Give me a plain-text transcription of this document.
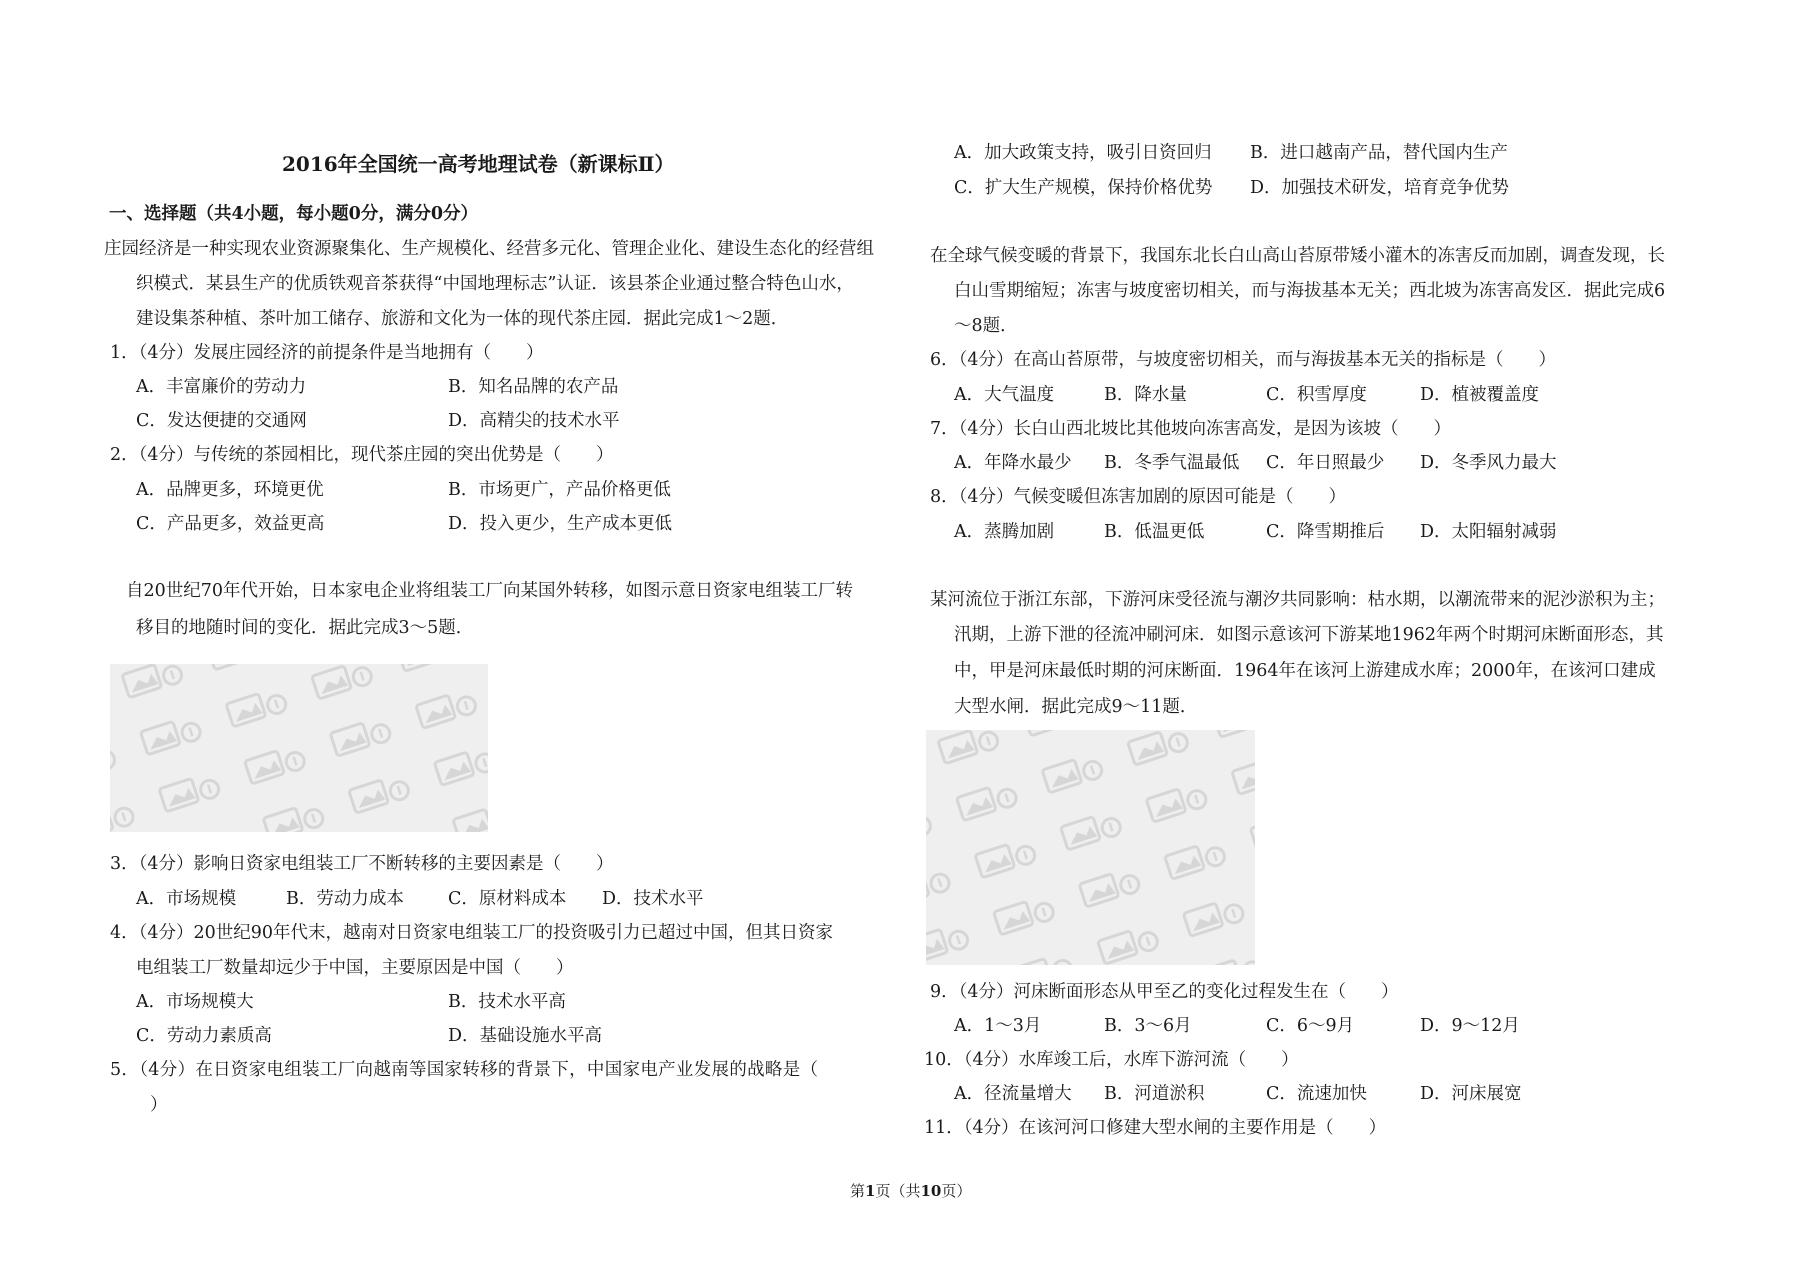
2016年全国统一高考地理试卷（新课标Ⅱ）
一、选择题（共4小题，每小题0分，满分0分）
庄园经济是一种实现农业资源聚集化、生产规模化、经营多元化、管理企业化、建设生态化的经营组
织模式．某县生产的优质铁观音茶获得“中国地理标志”认证．该县茶企业通过整合特色山水，
建设集茶种植、茶叶加工储存、旅游和文化为一体的现代茶庄园．据此完成1～2题．
1．（4分）发展庄园经济的前提条件是当地拥有（　　）
A．丰富廉价的劳动力	B．知名品牌的农产品
C．发达便捷的交通网	D．高精尖的技术水平
2．（4分）与传统的茶园相比，现代茶庄园的突出优势是（　　）
A．品牌更多，环境更优	B．市场更广，产品价格更低
C．产品更多，效益更高	D．投入更少，生产成本更低
自20世纪70年代开始，日本家电企业将组装工厂向某国外转移，如图示意日资家电组装工厂转
移目的地随时间的变化．据此完成3～5题．
3．（4分）影响日资家电组装工厂不断转移的主要因素是（　　）
A．市场规模	B．劳动力成本	C．原材料成本 D．技术水平
4．（4分）20世纪90年代末，越南对日资家电组装工厂的投资吸引力已超过中国，但其日资家
电组装工厂数量却远少于中国，主要原因是中国（　　）
A．市场规模大	B．技术水平高
C．劳动力素质高	D．基础设施水平高
5．（4分）在日资家电组装工厂向越南等国家转移的背景下，中国家电产业发展的战略是（
）
A．加大政策支持，吸引日资回归 B．进口越南产品，替代国内生产
C．扩大生产规模，保持价格优势 D．加强技术研发，培育竞争优势
在全球气候变暖的背景下，我国东北长白山高山苔原带矮小灌木的冻害反而加剧，调查发现，长
白山雪期缩短；冻害与坡度密切相关，而与海拔基本无关；西北坡为冻害高发区．据此完成6
～8题．
6．（4分）在高山苔原带，与坡度密切相关，而与海拔基本无关的指标是（　　）
A．大气温度	B．降水量	C．积雪厚度	D．植被覆盖度
7．（4分）长白山西北坡比其他坡向冻害高发，是因为该坡（　　）
A．年降水最少 B．冬季气温最低 C．年日照最少 D．冬季风力最大
8．（4分）气候变暖但冻害加剧的原因可能是（　　）
A．蒸腾加剧	B．低温更低	C．降雪期推后 D．太阳辐射减弱
某河流位于浙江东部，下游河床受径流与潮汐共同影响：枯水期，以潮流带来的泥沙淤积为主；
汛期，上游下泄的径流冲刷河床．如图示意该河下游某地1962年两个时期河床断面形态，其
中，甲是河床最低时期的河床断面．1964年在该河上游建成水库；2000年，在该河口建成
大型水闸．据此完成9～11题．
9．（4分）河床断面形态从甲至乙的变化过程发生在（　　）
A．1～3月	B．3～6月	C．6～9月	D．9～12月
10．（4分）水库竣工后，水库下游河流（　　）
A．径流量增大 B．河道淤积	C．流速加快	D．河床展宽
11．（4分）在该河河口修建大型水闸的主要作用是（　　）
第1页（共10页）
